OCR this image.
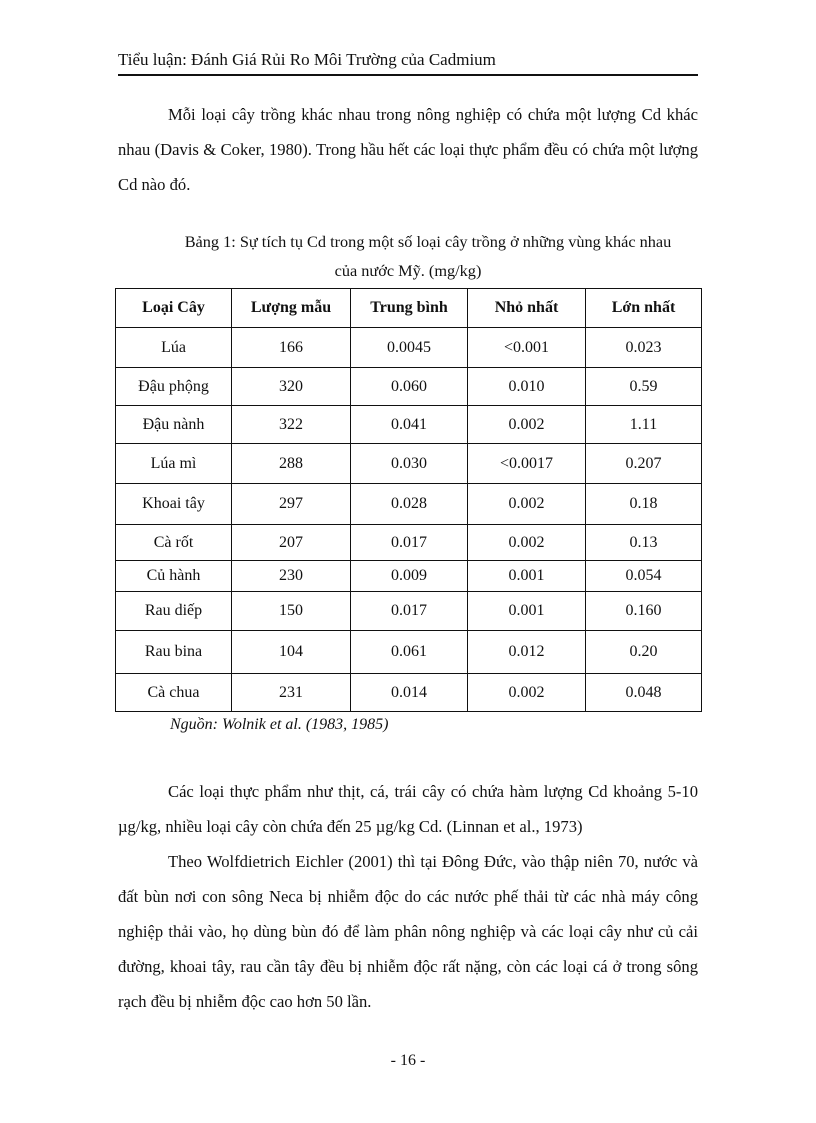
Tiểu luận: Đánh Giá Rủi Ro Môi Trường của Cadmium

Mỗi loại cây trồng khác nhau trong nông nghiệp có chứa một lượng Cd khác nhau (Davis & Coker, 1980). Trong hầu hết các loại thực phẩm đều có chứa một lượng Cd nào đó.

Bảng 1: Sự tích tụ Cd trong một số loại cây trồng ở những vùng khác nhau
của nước Mỹ. (mg/kg)
Loại Cây	Lượng mẫu	Trung bình	Nhỏ nhất	Lớn nhất
Lúa	166	0.0045	<0.001	0.023
Đậu phộng	320	0.060	0.010	0.59
Đậu nành	322	0.041	0.002	1.11
Lúa mì	288	0.030	<0.0017	0.207
Khoai tây	297	0.028	0.002	0.18
Cà rốt	207	0.017	0.002	0.13
Củ hành	230	0.009	0.001	0.054
Rau diếp	150	0.017	0.001	0.160
Rau bina	104	0.061	0.012	0.20
Cà chua	231	0.014	0.002	0.048
Nguồn: Wolnik et al. (1983, 1985)

Các loại thực phẩm như thịt, cá, trái cây có chứa hàm lượng Cd khoảng 5-10 µg/kg, nhiều loại cây còn chứa đến 25 µg/kg Cd. (Linnan et al., 1973)

Theo Wolfdietrich Eichler (2001) thì tại Đông Đức, vào thập niên 70, nước và đất bùn nơi con sông Neca bị nhiễm độc do các nước phế thải từ các nhà máy công nghiệp thải vào, họ dùng bùn đó để làm phân nông nghiệp và các loại cây như củ cải đường, khoai tây, rau cần tây đều bị nhiễm độc rất nặng, còn các loại cá ở trong sông rạch đều bị nhiễm độc cao hơn 50 lần.

- 16 -
